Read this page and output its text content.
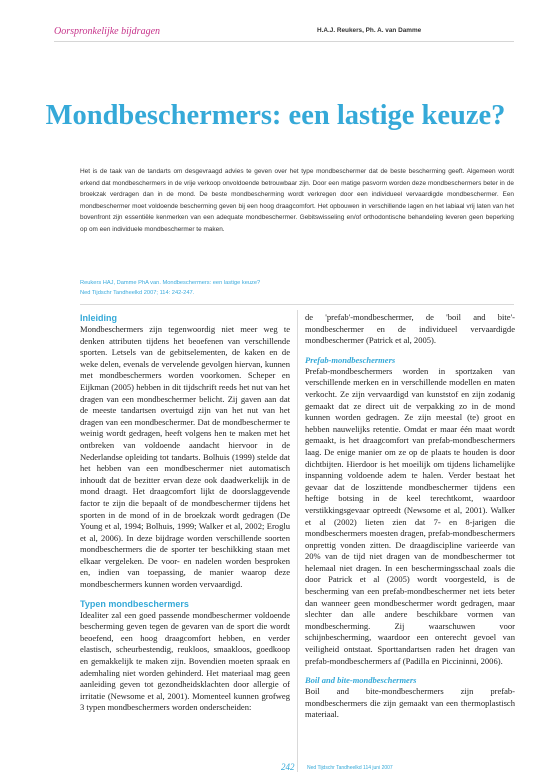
Oorspronkelijke bijdragen	H.A.J. Reukers, Ph. A. van Damme
Mondbeschermers: een lastige keuze?

Het is de taak van de tandarts om desgevraagd advies te geven over het type mondbeschermer dat de beste bescherming geeft. Algemeen wordt erkend dat mondbeschermers in de vrije verkoop onvoldoende betrouwbaar zijn. Door een matige pasvorm worden deze mondbeschermers beter in de broekzak verdragen dan in de mond. De beste mondbescherming wordt verkregen door een individueel vervaardigde mondbeschermer. Een mondbeschermer moet voldoende bescherming geven bij een hoog draagcomfort. Het opbouwen in verschillende lagen en het labiaal vrij laten van het bovenfront zijn essentiële kenmerken van een adequate mondbeschermer. Gebitswisseling en/of orthodontische behandeling leveren geen beperking op om een individuele mondbeschermer te maken.

Reukers HAJ, Damme PhA van. Mondbeschermers: een lastige keuze?
Ned Tijdschr Tandheelkd 2007; 114: 242-247.
Inleiding

Mondbeschermers zijn tegenwoordig niet meer weg te denken attributen tijdens het beoefenen van verschillende sporten. Letsels van de gebitselementen, de kaken en de weke delen, evenals de vervelende gevolgen hiervan, kunnen met mondbeschermers worden voorkomen. Scheper en Eijkman (2005) hebben in dit tijdschrift reeds het nut van het dragen van een mondbeschermer belicht. Zij gaven aan dat de meeste tandartsen overtuigd zijn van het nut van het dragen van een mondbeschermer. Dat de mondbeschermer te weinig wordt gedragen, heeft volgens hen te maken met het ontbreken van voldoende aandacht hiervoor in de Nederlandse opleiding tot tandarts. Bolhuis (1999) stelde dat het hebben van een mondbeschermer niet automatisch inhoudt dat de bezitter ervan deze ook daadwerkelijk in de mond draagt. Het draagcomfort lijkt de doorslaggevende factor te zijn die bepaalt of de mondbeschermer tijdens het sporten in de mond of in de broekzak wordt gedragen (De Young et al, 1994; Bolhuis, 1999; Walker et al, 2002; Eroglu et al, 2006). In deze bijdrage worden verschillende soorten mondbeschermers die de sporter ter beschikking staan met elkaar vergeleken. De voor- en nadelen worden besproken en, indien van toepassing, de manier waarop deze mondbeschermers kunnen worden vervaardigd.

Typen mondbeschermers

Idealiter zal een goed passende mondbeschermer voldoende bescherming geven tegen de gevaren van de sport die wordt beoefend, een hoog draagcomfort hebben, en verder elastisch, scheurbestendig, reukloos, smaakloos, goedkoop en gemakkelijk te maken zijn. Bovendien moeten spraak en ademhaling niet worden gehinderd. Het materiaal mag geen aanleiding geven tot gezondheidsklachten door allergie of irritatie (Newsome et al, 2001). Momenteel kunnen grofweg 3 typen mondbeschermers worden onderscheiden:

de 'prefab'-mondbeschermer, de 'boil and bite'-mondbeschermer en de individueel vervaardigde mondbeschermer (Patrick et al, 2005).

Prefab-mondbeschermers

Prefab-mondbeschermers worden in sportzaken van verschillende merken en in verschillende modellen en maten verkocht. Ze zijn vervaardigd van kunststof en zijn zodanig gemaakt dat ze direct uit de verpakking zo in de mond kunnen worden gedragen. Ze zijn meestal (te) groot en hebben nauwelijks retentie. Omdat er maar één maat wordt gemaakt, is het draagcomfort van prefab-mondbeschermers laag. De enige manier om ze op de plaats te houden is door dichtbijten. Hierdoor is het moeilijk om tijdens lichamelijke inspanning voldoende adem te halen. Verder bestaat het gevaar dat de loszittende mondbeschermer tijdens een heftige botsing in de keel terechtkomt, waardoor verstikkingsgevaar optreedt (Newsome et al, 2001). Walker et al (2002) lieten zien dat 7- en 8-jarigen die mondbeschermers moesten dragen, prefab-mondbeschermers onprettig vonden zitten. De draagdiscipline varieerde van 20% van de tijd niet dragen van de mondbeschermer tot helemaal niet dragen. In een beschermingsschaal zoals die door Patrick et al (2005) wordt voorgesteld, is de bescherming van een prefab-mondbeschermer net iets beter dan wanneer geen mondbeschermer wordt gedragen, maar slechter dan alle andere beschikbare vormen van mondbescherming. Zij waarschuwen voor schijnbescherming, waardoor een onterecht gevoel van veiligheid ontstaat. Sporttandartsen raden het dragen van prefab-mondbeschermers af (Padilla en Piccininni, 2006).

Boil and bite-mondbeschermers

Boil and bite-mondbeschermers zijn prefab-mondbeschermers die zijn gemaakt van een thermoplastisch materiaal.

242	Ned Tijdschr Tandheelkd 114 juni 2007
